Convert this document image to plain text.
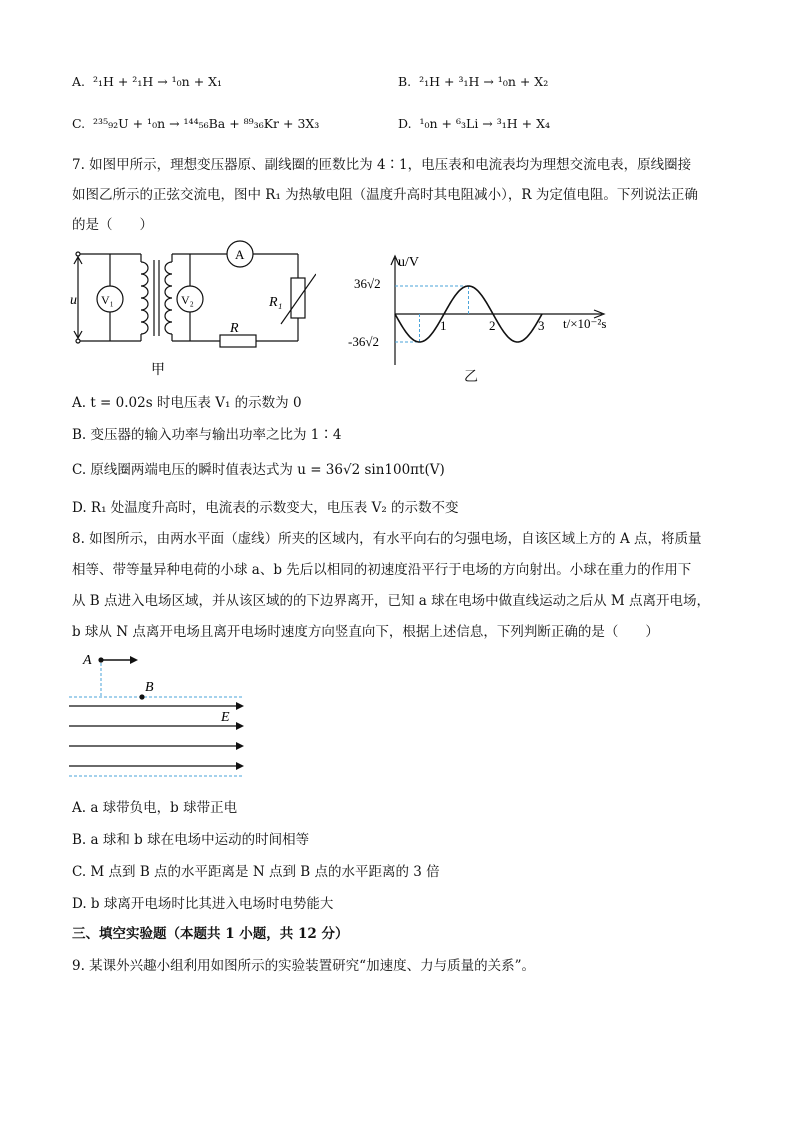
A. ²₁H + ²₁H → ¹₀n + X₁	B. ²₁H + ³₁H → ¹₀n + X₂
C. ²³⁵₉₂U + ¹₀n → ¹⁴⁴₅₆Ba + ⁸⁹₃₆Kr + 3X₃	D. ¹₀n + ⁶₃Li → ³₁H + X₄
7. 如图甲所示，理想变压器原、副线圈的匝数比为 4∶1，电压表和电流表均为理想交流电表，原线圈接
如图乙所示的正弦交流电，图中 R₁ 为热敏电阻（温度升高时其电阻减小），R 为定值电阻。下列说法正确
的是（　　）
u V₁	V₂
A
R
R₁
甲
u/V
t/×10⁻²s
36√2
-36√2
1	2	3
乙
A. t = 0.02s 时电压表 V₁ 的示数为 0
B. 变压器的输入功率与输出功率之比为 1∶4
C. 原线圈两端电压的瞬时值表达式为 u = 36√2 sin100πt(V)
D. R₁ 处温度升高时，电流表的示数变大，电压表 V₂ 的示数不变
8. 如图所示，由两水平面（虚线）所夹的区域内，有水平向右的匀强电场，自该区域上方的 A 点，将质量
相等、带等量异种电荷的小球 a、b 先后以相同的初速度沿平行于电场的方向射出。小球在重力的作用下
从 B 点进入电场区域，并从该区域的的下边界离开，已知 a 球在电场中做直线运动之后从 M 点离开电场，
b 球从 N 点离开电场且离开电场时速度方向竖直向下，根据上述信息，下列判断正确的是（　　）
A
B
E
A. a 球带负电，b 球带正电
B. a 球和 b 球在电场中运动的时间相等
C. M 点到 B 点的水平距离是 N 点到 B 点的水平距离的 3 倍
D. b 球离开电场时比其进入电场时电势能大
三、填空实验题（本题共 1 小题，共 12 分）
9. 某课外兴趣小组利用如图所示的实验装置研究“加速度、力与质量的关系”。
